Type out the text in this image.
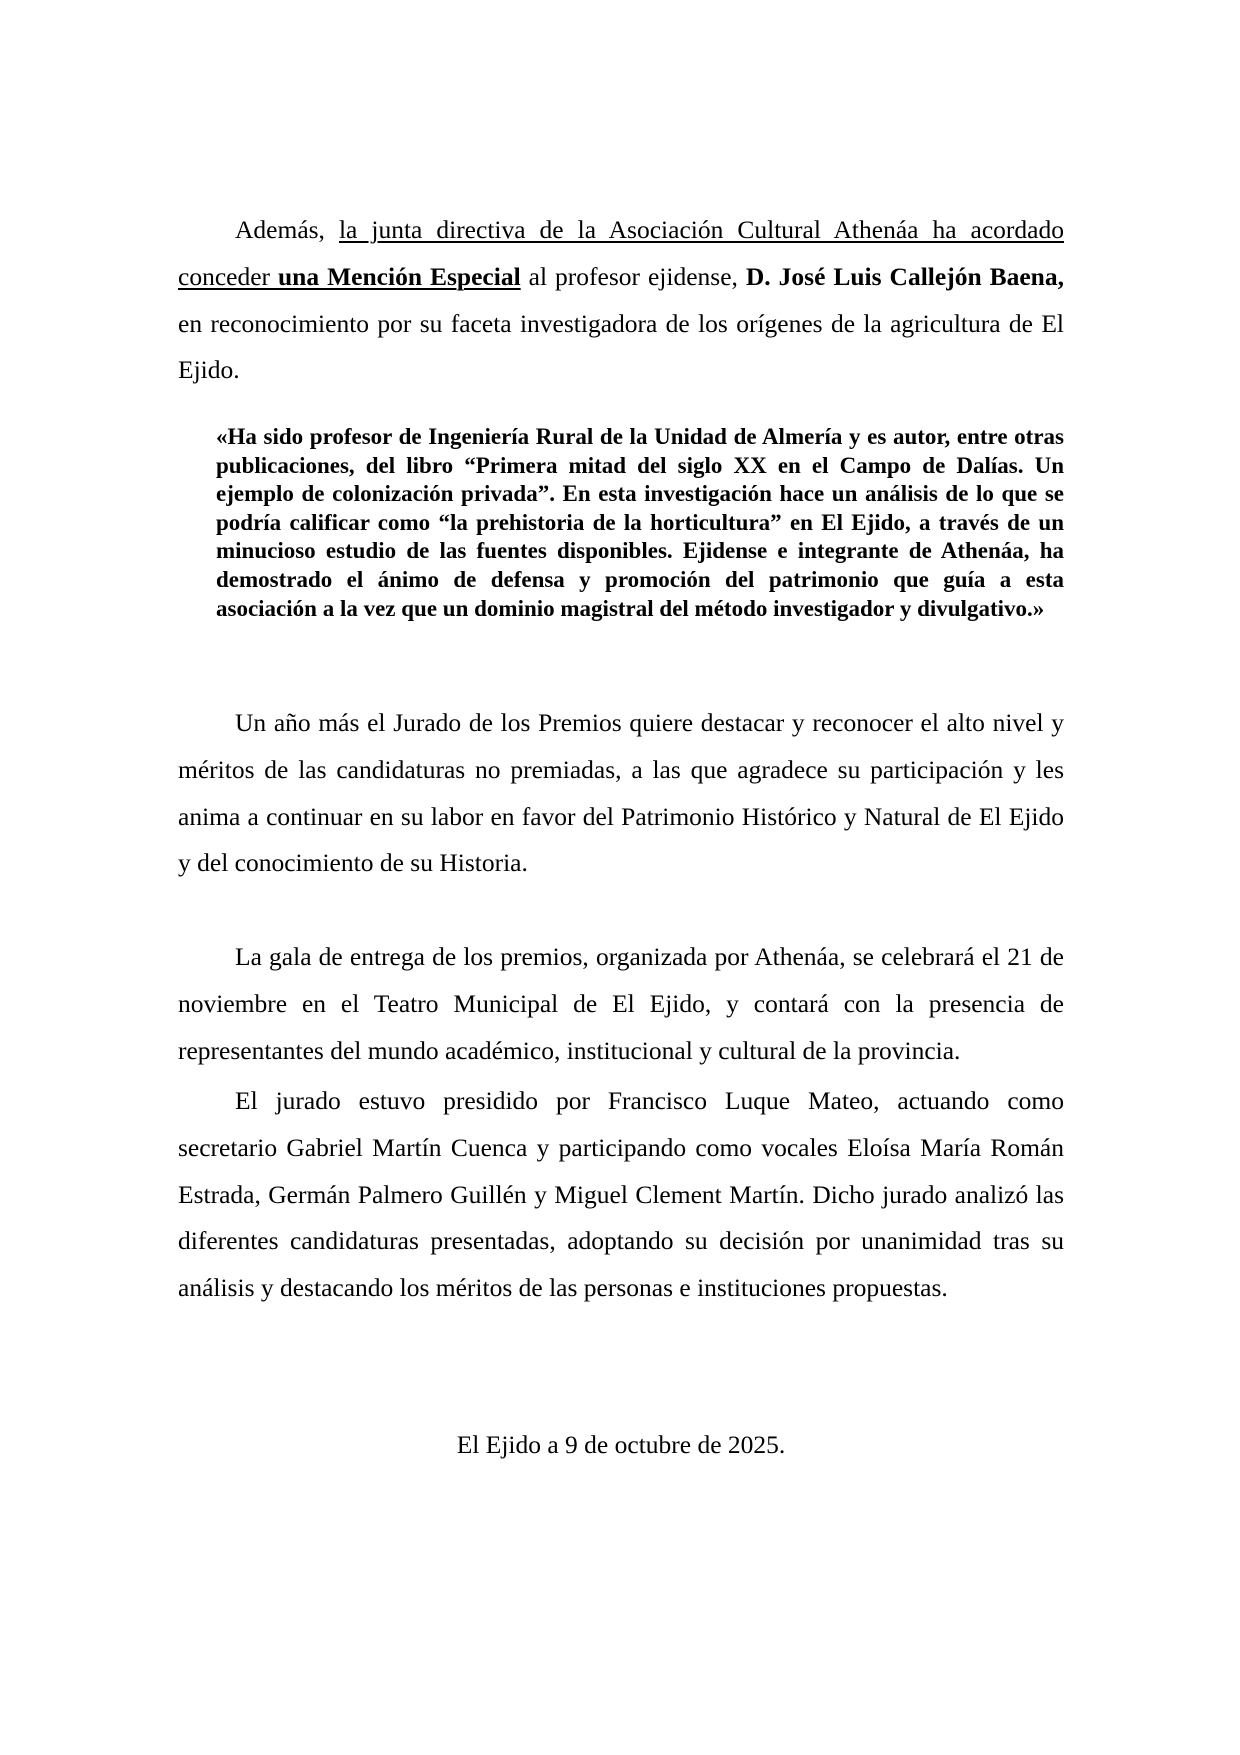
Además, la junta directiva de la Asociación Cultural Athenáa ha acordado conceder una Mención Especial al profesor ejidense, D. José Luis Callejón Baena, en reconocimiento por su faceta investigadora de los orígenes de la agricultura de El Ejido.

«Ha sido profesor de Ingeniería Rural de la Unidad de Almería y es autor, entre otras publicaciones, del libro “Primera mitad del siglo XX en el Campo de Dalías. Un ejemplo de colonización privada”. En esta investigación hace un análisis de lo que se podría calificar como “la prehistoria de la horticultura” en El Ejido, a través de un minucioso estudio de las fuentes disponibles. Ejidense e integrante de Athenáa, ha demostrado el ánimo de defensa y promoción del patrimonio que guía a esta asociación a la vez que un dominio magistral del método investigador y divulgativo.»

Un año más el Jurado de los Premios quiere destacar y reconocer el alto nivel y méritos de las candidaturas no premiadas, a las que agradece su participación y les anima a continuar en su labor en favor del Patrimonio Histórico y Natural de El Ejido y del conocimiento de su Historia.

La gala de entrega de los premios, organizada por Athenáa, se celebrará el 21 de noviembre en el Teatro Municipal de El Ejido, y contará con la presencia de representantes del mundo académico, institucional y cultural de la provincia.

El jurado estuvo presidido por Francisco Luque Mateo, actuando como secretario Gabriel Martín Cuenca y participando como vocales Eloísa María Román Estrada, Germán Palmero Guillén y Miguel Clement Martín. Dicho jurado analizó las diferentes candidaturas presentadas, adoptando su decisión por unanimidad tras su análisis y destacando los méritos de las personas e instituciones propuestas.

El Ejido a 9 de octubre de 2025.
